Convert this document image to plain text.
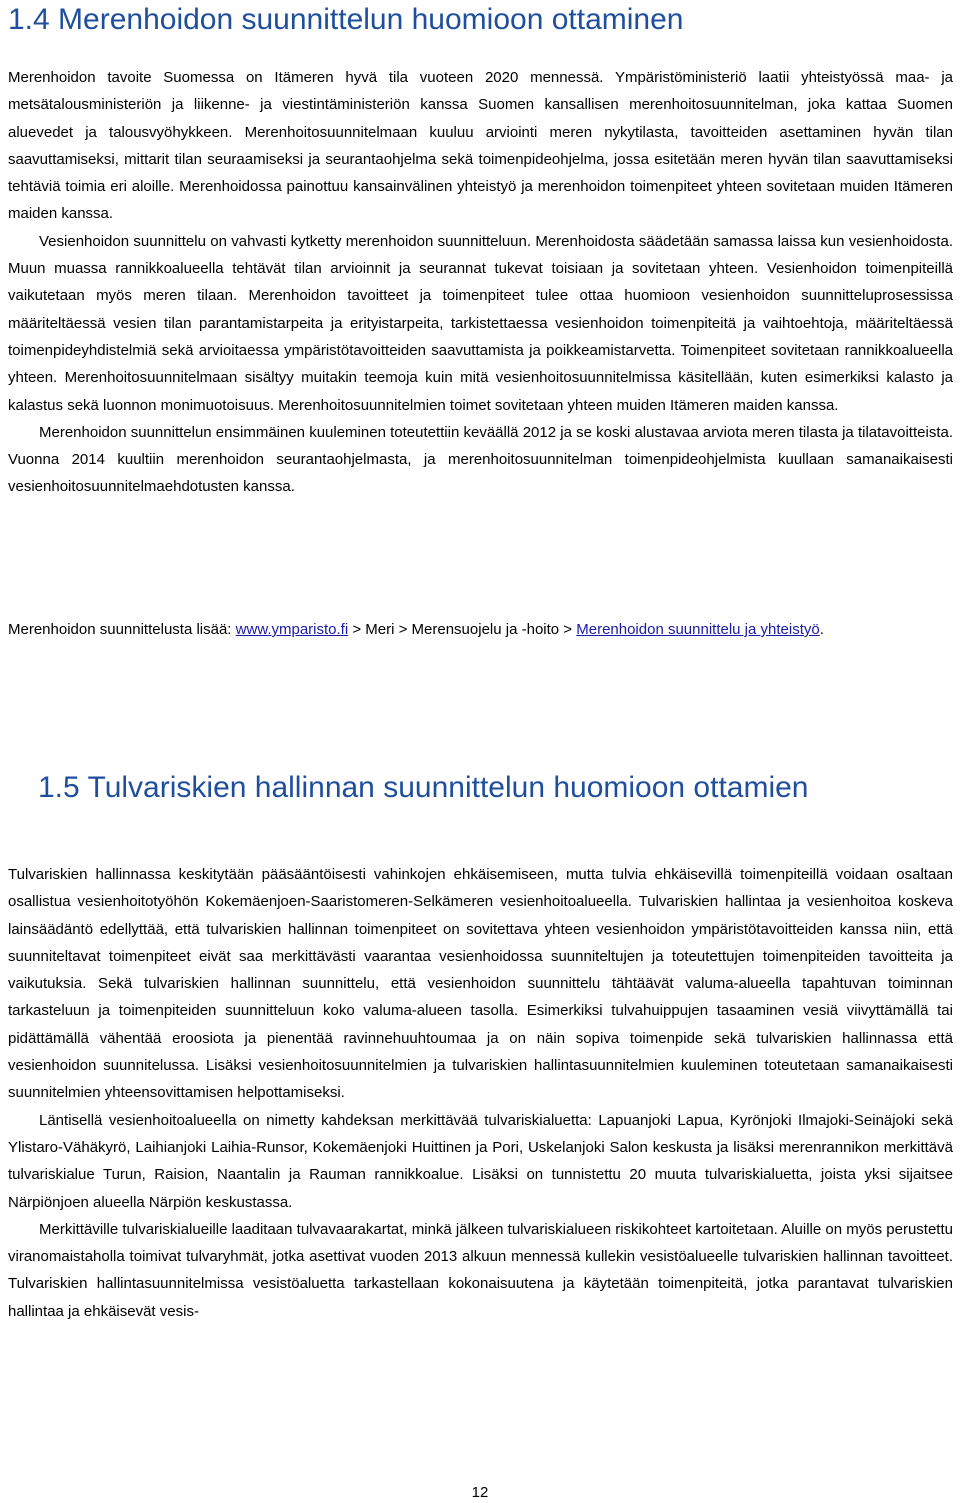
1.4 Merenhoidon suunnittelun huomioon ottaminen

Merenhoidon tavoite Suomessa on Itämeren hyvä tila vuoteen 2020 mennessä. Ympäristöministeriö laatii yhteistyössä maa- ja metsätalousministeriön ja liikenne- ja viestintäministeriön kanssa Suomen kansallisen merenhoitosuunnitelman, joka kattaa Suomen aluevedet ja talousvyöhykkeen. Merenhoitosuunnitelmaan kuuluu arviointi meren nykytilasta, tavoitteiden asettaminen hyvän tilan saavuttamiseksi, mittarit tilan seuraamiseksi ja seurantaohjelma sekä toimenpideohjelma, jossa esitetään meren hyvän tilan saavuttamiseksi tehtäviä toimia eri aloille. Merenhoidossa painottuu kansainvälinen yhteistyö ja merenhoidon toimenpiteet yhteen sovitetaan muiden Itämeren maiden kanssa.

Vesienhoidon suunnittelu on vahvasti kytketty merenhoidon suunnitteluun. Merenhoidosta säädetään samassa laissa kun vesienhoidosta. Muun muassa rannikkoalueella tehtävät tilan arvioinnit ja seurannat tukevat toisiaan ja sovitetaan yhteen. Vesienhoidon toimenpiteillä vaikutetaan myös meren tilaan. Merenhoidon tavoitteet ja toimenpiteet tulee ottaa huomioon vesienhoidon suunnitteluprosessissa määriteltäessä vesien tilan parantamistarpeita ja erityistarpeita, tarkistettaessa vesienhoidon toimenpiteitä ja vaihtoehtoja, määriteltäessä toimenpideyhdistelmiä sekä arvioitaessa ympäristötavoitteiden saavuttamista ja poikkeamistarvetta. Toimenpiteet sovitetaan rannikkoalueella yhteen. Merenhoitosuunnitelmaan sisältyy muitakin teemoja kuin mitä vesienhoitosuunnitelmissa käsitellään, kuten esimerkiksi kalasto ja kalastus sekä luonnon monimuotoisuus. Merenhoitosuunnitelmien toimet sovitetaan yhteen muiden Itämeren maiden kanssa.

Merenhoidon suunnittelun ensimmäinen kuuleminen toteutettiin keväällä 2012 ja se koski alustavaa arviota meren tilasta ja tilatavoitteista. Vuonna 2014 kuultiin merenhoidon seurantaohjelmasta, ja merenhoitosuunnitelman toimenpideohjelmista kuullaan samanaikaisesti vesienhoitosuunnitelmaehdotusten kanssa.

Merenhoidon suunnittelusta lisää: www.ymparisto.fi > Meri > Merensuojelu ja -hoito > Merenhoidon suunnittelu ja yhteistyö.

1.5 Tulvariskien hallinnan suunnittelun huomioon ottamien

Tulvariskien hallinnassa keskitytään pääsääntöisesti vahinkojen ehkäisemiseen, mutta tulvia ehkäisevillä toimenpiteillä voidaan osaltaan osallistua vesienhoitotyöhön Kokemäenjoen-Saaristomeren-Selkämeren vesienhoitoalueella. Tulvariskien hallintaa ja vesienhoitoa koskeva lainsäädäntö edellyttää, että tulvariskien hallinnan toimenpiteet on sovitettava yhteen vesienhoidon ympäristötavoitteiden kanssa niin, että suunniteltavat toimenpiteet eivät saa merkittävästi vaarantaa vesienhoidossa suunniteltujen ja toteutettujen toimenpiteiden tavoitteita ja vaikutuksia. Sekä tulvariskien hallinnan suunnittelu, että vesienhoidon suunnittelu tähtäävät valuma-alueella tapahtuvan toiminnan tarkasteluun ja toimenpiteiden suunnitteluun koko valuma-alueen tasolla. Esimerkiksi tulvahuippujen tasaaminen vesiä viivyttämällä tai pidättämällä vähentää eroosiota ja pienentää ravinnehuuhtoumaa ja on näin sopiva toimenpide sekä tulvariskien hallinnassa että vesienhoidon suunnitelussa. Lisäksi vesienhoitosuunnitelmien ja tulvariskien hallintasuunnitelmien kuuleminen toteutetaan samanaikaisesti suunnitelmien yhteensovittamisen helpottamiseksi.

Läntisellä vesienhoitoalueella on nimetty kahdeksan merkittävää tulvariskialuetta: Lapuanjoki Lapua, Kyrönjoki Ilmajoki-Seinäjoki sekä Ylistaro-Vähäkyrö, Laihianjoki Laihia-Runsor, Kokemäenjoki Huittinen ja Pori, Uskelanjoki Salon keskusta ja lisäksi merenrannikon merkittävä tulvariskialue Turun, Raision, Naantalin ja Rauman rannikkoalue. Lisäksi on tunnistettu 20 muuta tulvariskialuetta, joista yksi sijaitsee Närpiönjoen alueella Närpiön keskustassa.

Merkittäville tulvariskialueille laaditaan tulvavaarakartat, minkä jälkeen tulvariskialueen riskikohteet kartoitetaan. Aluille on myös perustettu viranomaistaholla toimivat tulvaryhmät, jotka asettivat vuoden 2013 alkuun mennessä kullekin vesistöalueelle tulvariskien hallinnan tavoitteet. Tulvariskien hallintasuunnitelmissa vesistöaluetta tarkastellaan kokonaisuutena ja käytetään toimenpiteitä, jotka parantavat tulvariskien hallintaa ja ehkäisevät vesis-

12
